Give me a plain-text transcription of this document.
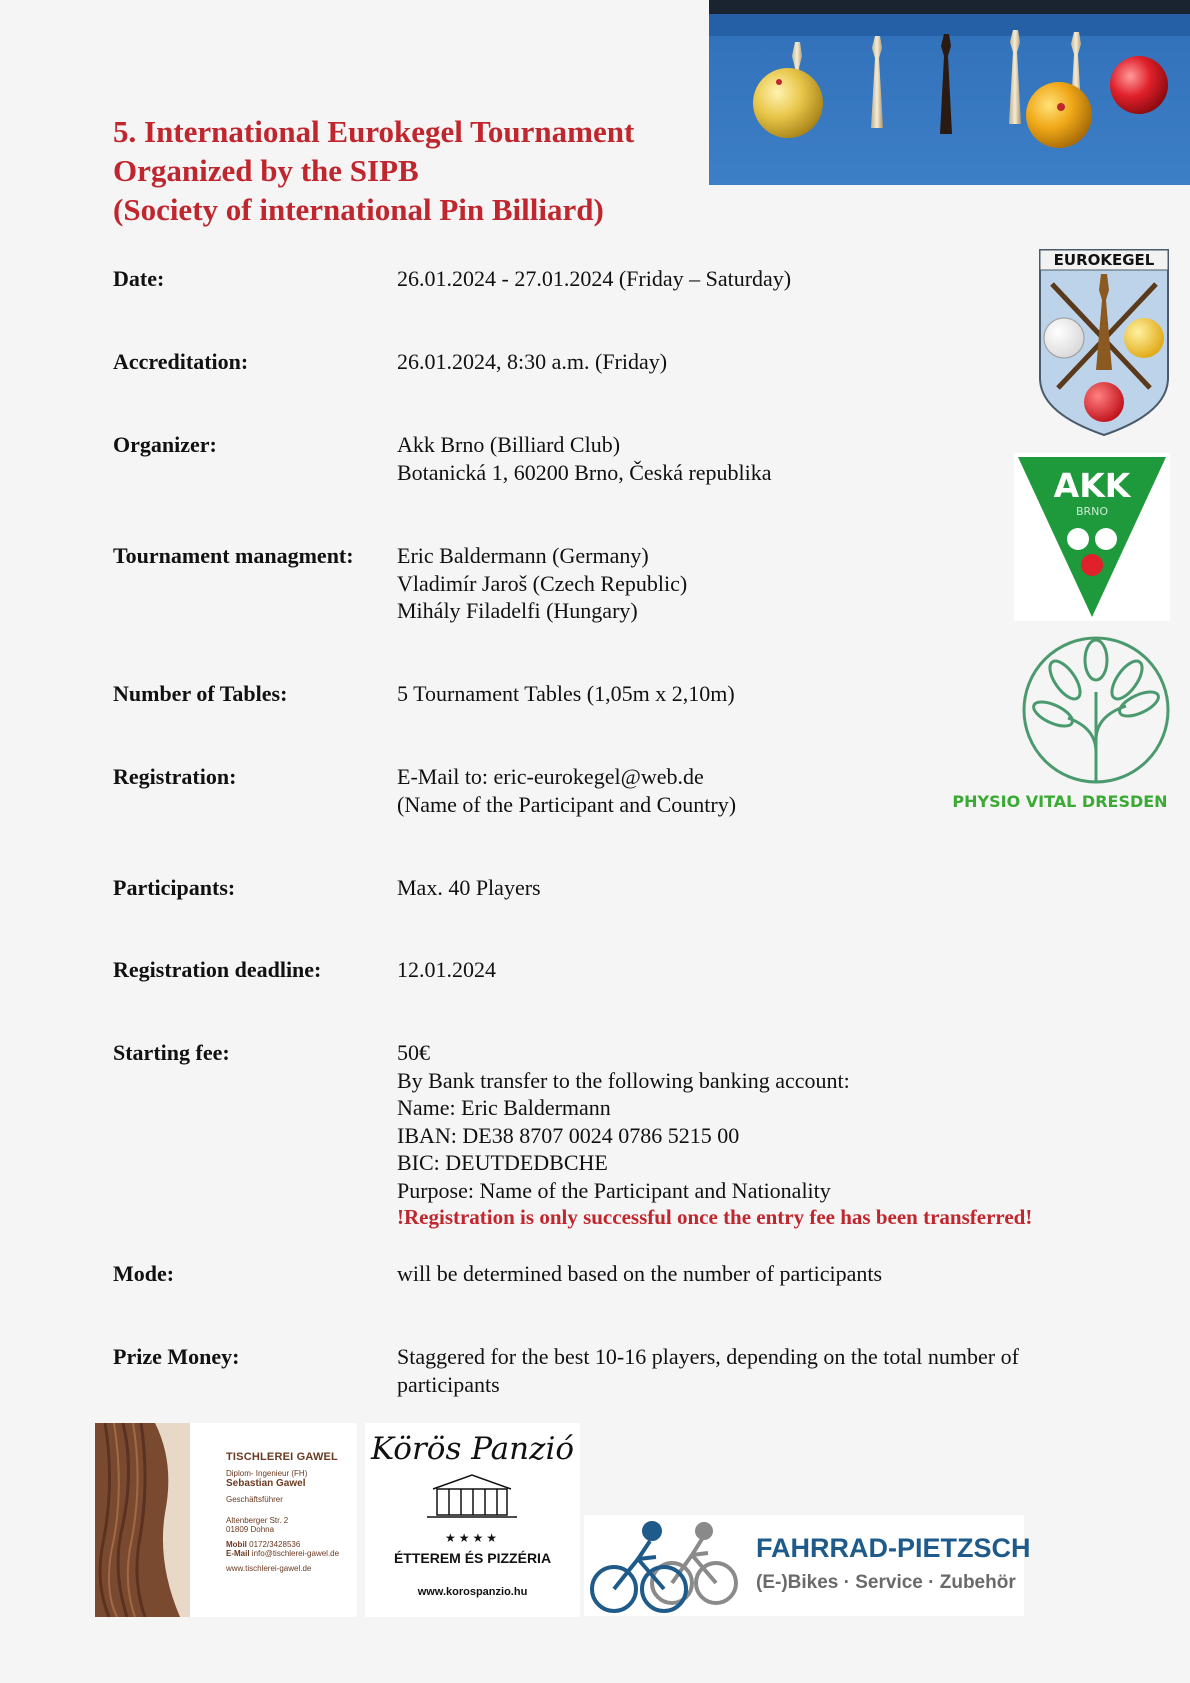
5. International Eurokegel Tournament
Organized by the SIPB
(Society of international Pin Billiard)
Date:	26.01.2024 - 27.01.2024 (Friday – Saturday)
Accreditation:	26.01.2024, 8:30 a.m. (Friday)
Organizer:	Akk Brno (Billiard Club)
Botanická 1, 60200 Brno, Česká republika
Tournament managment: Eric Baldermann (Germany)
Vladimír Jaroš (Czech Republic)
Mihály Filadelfi (Hungary)
Number of Tables:	5 Tournament Tables (1,05m x 2,10m)
Registration:	E-Mail to: eric-eurokegel@web.de
(Name of the Participant and Country)
Participants:	Max. 40 Players
Registration deadline:	12.01.2024
Starting fee:	50€
By Bank transfer to the following banking account:
Name: Eric Baldermann
IBAN: DE38 8707 0024 0786 5215 00
BIC: DEUTDEDBCHE
Purpose: Name of the Participant and Nationality
!Registration is only successful once the entry fee has been transferred!
Mode:	will be determined based on the number of participants
Prize Money:	Staggered for the best 10-16 players, depending on the total number of participants
EUROKEGEL
AKK
BRNO
PHYSIO VITAL DRESDEN
TISCHLEREI GAWEL
Diplom- Ingenieur (FH)
Sebastian Gawel
Geschäftsführer
Altenberger Str. 2
01809 Dohna
Mobil 0172/3428536
E-Mail info@tischlerei-gawel.de
www.tischlerei-gawel.de
Körös Panzió
★★★★
ÉTTEREM ÉS PIZZÉRIA
www.korospanzio.hu
FAHRRAD-PIETZSCH
(E-)Bikes · Service · Zubehör
